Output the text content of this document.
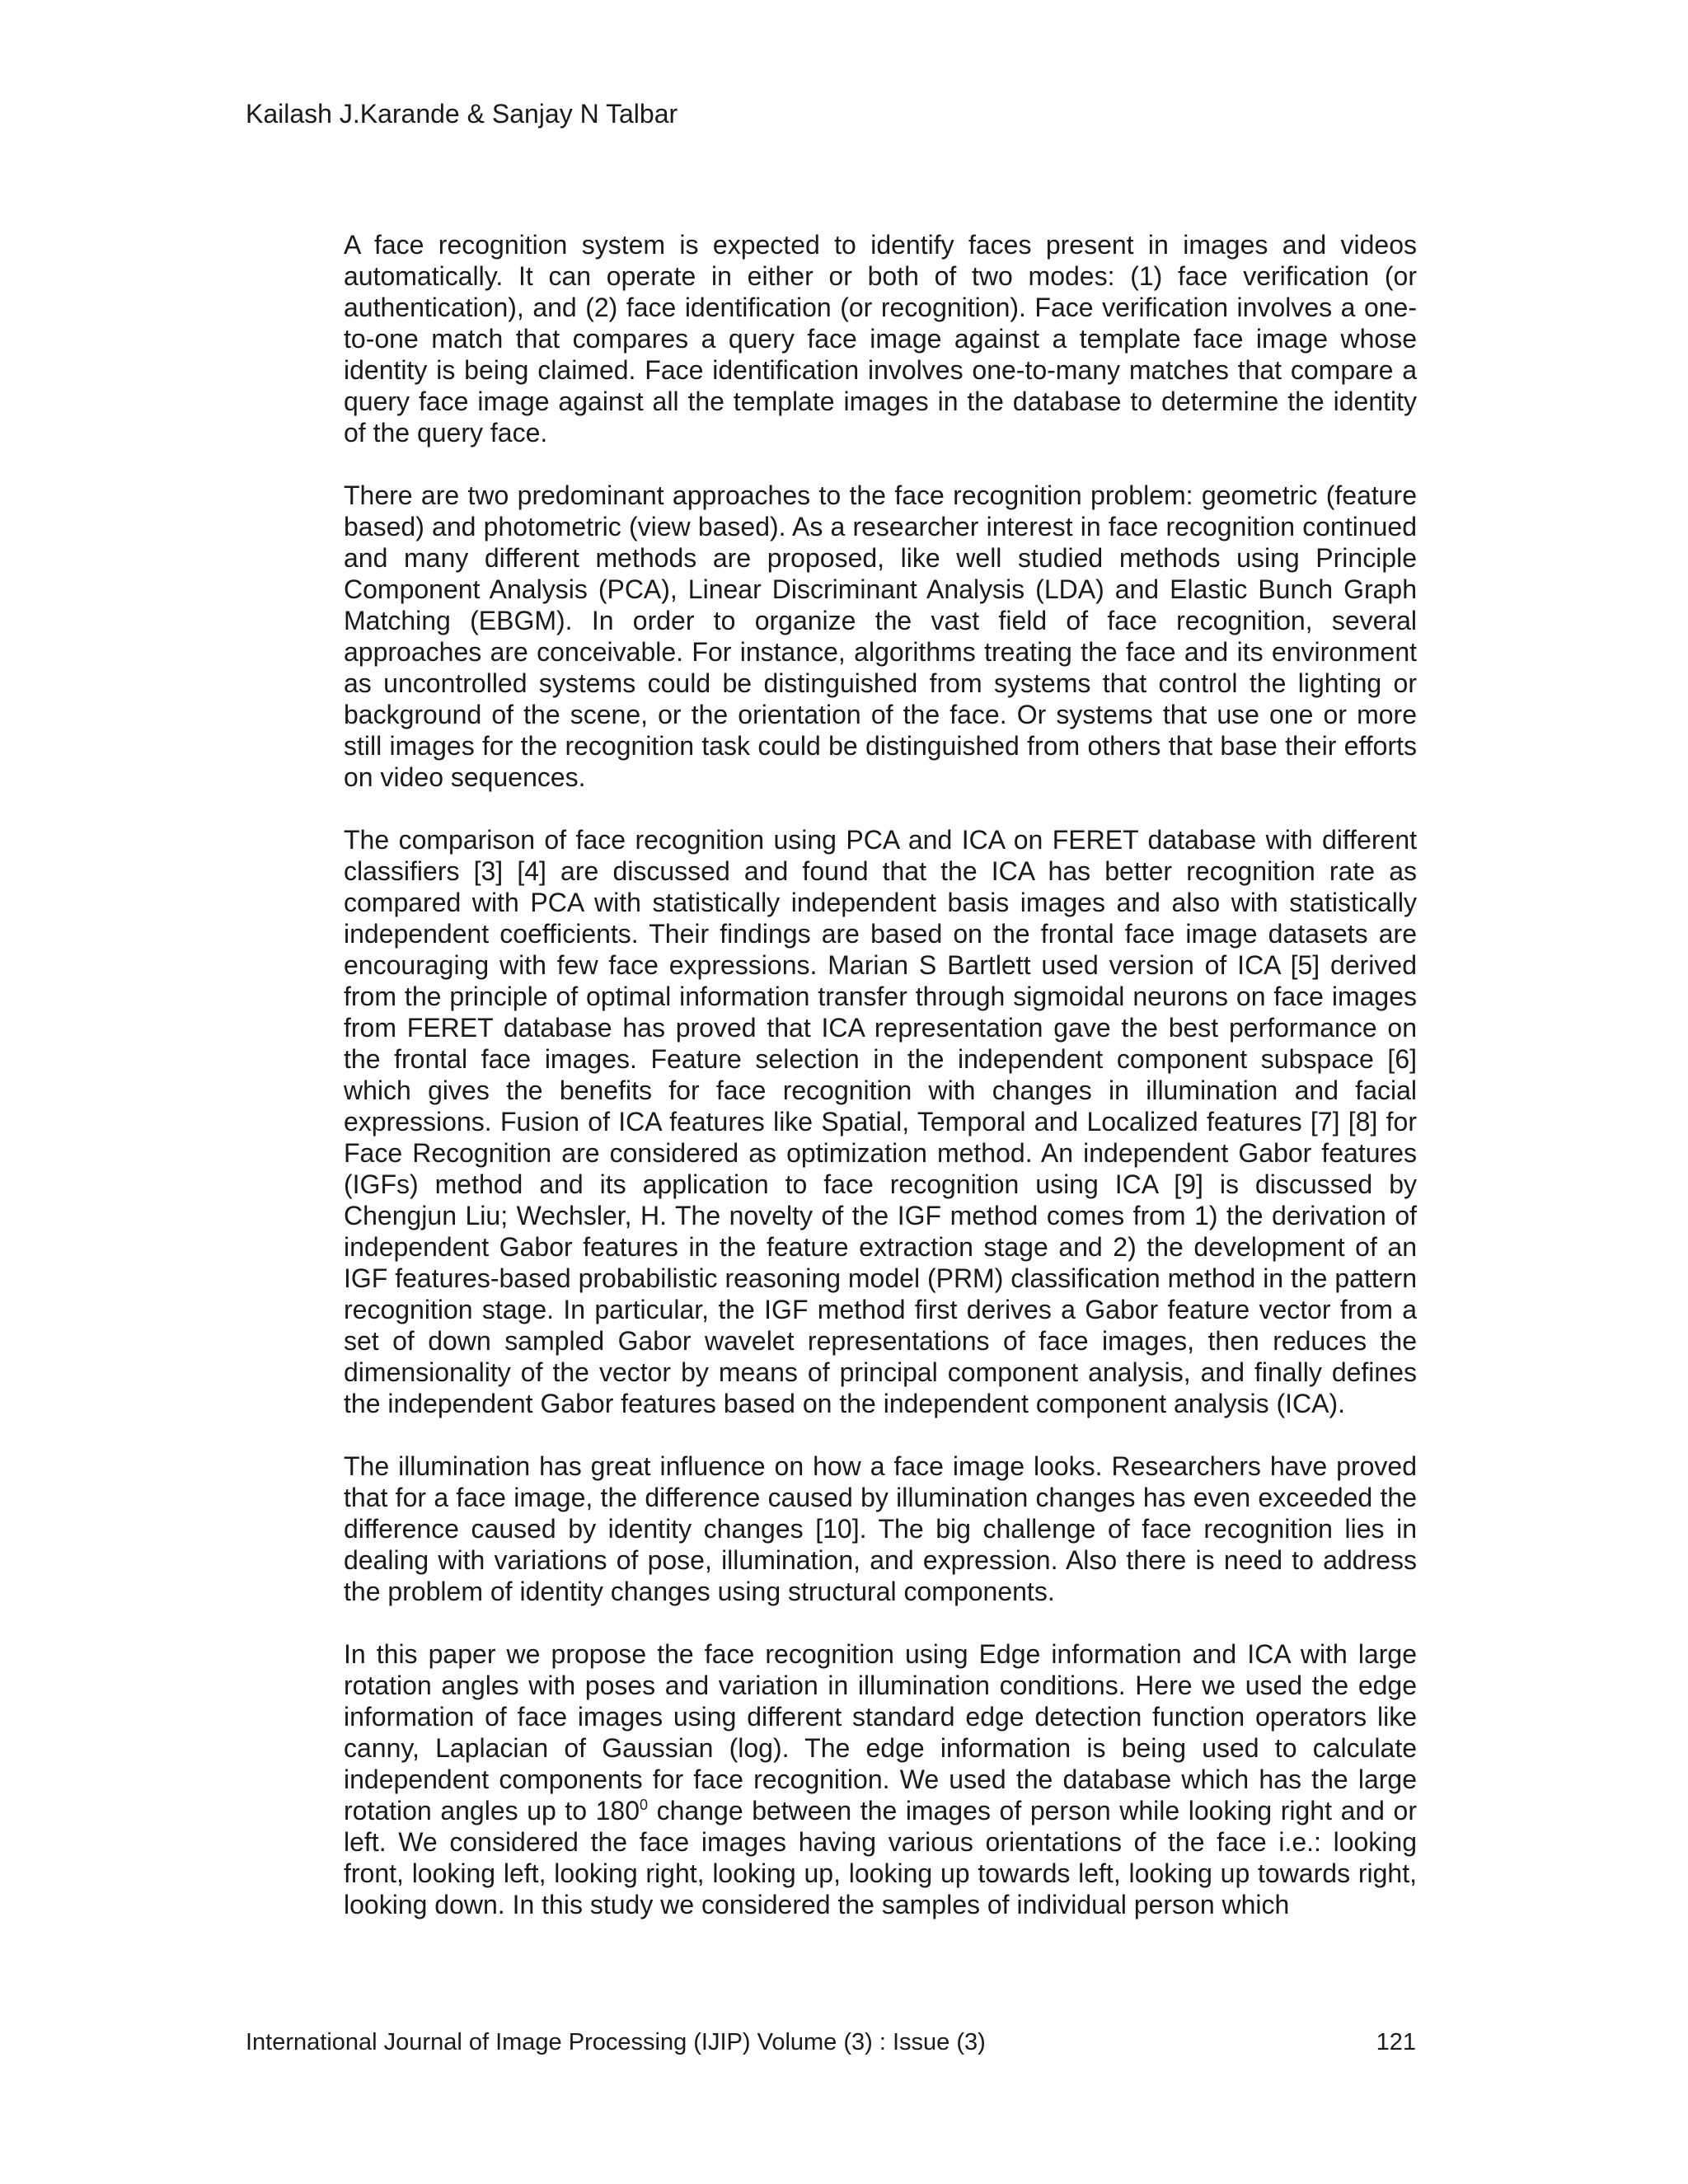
Kailash J.Karande & Sanjay N Talbar

A face recognition system is expected to identify faces present in images and videos automatically. It can operate in either or both of two modes: (1) face verification (or authentication), and (2) face identification (or recognition). Face verification involves a one-to-one match that compares a query face image against a template face image whose identity is being claimed. Face identification involves one-to-many matches that compare a query face image against all the template images in the database to determine the identity of the query face.

There are two predominant approaches to the face recognition problem: geometric (feature based) and photometric (view based). As a researcher interest in face recognition continued and many different methods are proposed, like well studied methods using Principle Component Analysis (PCA), Linear Discriminant Analysis (LDA) and Elastic Bunch Graph Matching (EBGM). In order to organize the vast field of face recognition, several approaches are conceivable. For instance, algorithms treating the face and its environment as uncontrolled systems could be distinguished from systems that control the lighting or background of the scene, or the orientation of the face. Or systems that use one or more still images for the recognition task could be distinguished from others that base their efforts on video sequences.

The comparison of face recognition using PCA and ICA on FERET database with different classifiers [3] [4] are discussed and found that the ICA has better recognition rate as compared with PCA with statistically independent basis images and also with statistically independent coefficients. Their findings are based on the frontal face image datasets are encouraging with few face expressions. Marian S Bartlett used version of ICA [5] derived from the principle of optimal information transfer through sigmoidal neurons on face images from FERET database has proved that ICA representation gave the best performance on the frontal face images. Feature selection in the independent component subspace [6] which gives the benefits for face recognition with changes in illumination and facial expressions. Fusion of ICA features like Spatial, Temporal and Localized features [7] [8] for Face Recognition are considered as optimization method. An independent Gabor features (IGFs) method and its application to face recognition using ICA [9] is discussed by Chengjun Liu; Wechsler, H. The novelty of the IGF method comes from 1) the derivation of independent Gabor features in the feature extraction stage and 2) the development of an IGF features-based probabilistic reasoning model (PRM) classification method in the pattern recognition stage. In particular, the IGF method first derives a Gabor feature vector from a set of down sampled Gabor wavelet representations of face images, then reduces the dimensionality of the vector by means of principal component analysis, and finally defines the independent Gabor features based on the independent component analysis (ICA).

The illumination has great influence on how a face image looks. Researchers have proved that for a face image, the difference caused by illumination changes has even exceeded the difference caused by identity changes [10]. The big challenge of face recognition lies in dealing with variations of pose, illumination, and expression. Also there is need to address the problem of identity changes using structural components.

In this paper we propose the face recognition using Edge information and ICA with large rotation angles with poses and variation in illumination conditions. Here we used the edge information of face images using different standard edge detection function operators like canny, Laplacian of Gaussian (log). The edge information is being used to calculate independent components for face recognition. We used the database which has the large rotation angles up to $180^0$ change between the images of person while looking right and or left. We considered the face images having various orientations of the face i.e.: looking front, looking left, looking right, looking up, looking up towards left, looking up towards right, looking down. In this study we considered the samples of individual person which

International Journal of Image Processing (IJIP) Volume (3) : Issue (3)	121
